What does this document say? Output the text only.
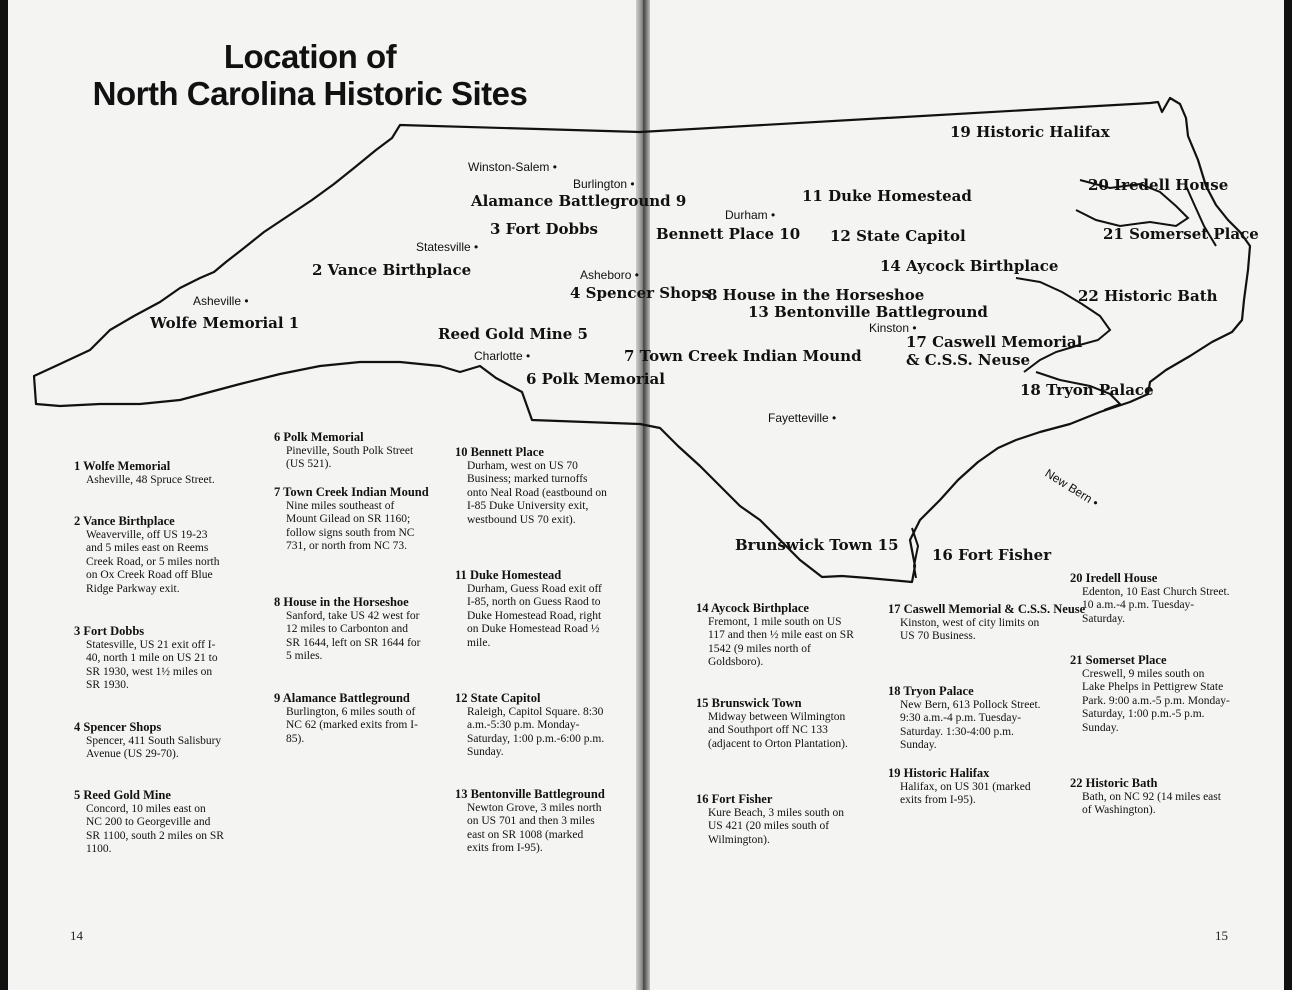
Location of
North Carolina Historic Sites
Wolfe Memorial 1
2 Vance Birthplace
3 Fort Dobbs
4 Spencer Shops
Reed Gold Mine 5
6 Polk Memorial
7 Town Creek Indian Mound
8 House in the Horseshoe
Alamance Battleground 9
Bennett Place 10
11 Duke Homestead
12 State Capitol
13 Bentonville Battleground
14 Aycock Birthplace
Brunswick Town 15
16 Fort Fisher
17 Caswell Memorial & C.S.S. Neuse
18 Tryon Palace
19 Historic Halifax
20 Iredell House
21 Somerset Place
22 Historic Bath
Winston-Salem •
Burlington •
Statesville •
Asheboro •
Asheville •
Charlotte •
Durham •
Kinston •
Fayetteville •
New Bern •
1 Wolfe Memorial
Asheville, 48 Spruce Street.
2 Vance Birthplace
Weaverville, off US 19-23 and 5 miles east on Reems Creek Road, or 5 miles north on Ox Creek Road off Blue Ridge Parkway exit.
3 Fort Dobbs
Statesville, US 21 exit off I-40, north 1 mile on US 21 to SR 1930, west 1½ miles on SR 1930.
4 Spencer Shops
Spencer, 411 South Salisbury Avenue (US 29-70).
5 Reed Gold Mine
Concord, 10 miles east on NC 200 to Georgeville and SR 1100, south 2 miles on SR 1100.
6 Polk Memorial
Pineville, South Polk Street (US 521).
7 Town Creek Indian Mound
Nine miles southeast of Mount Gilead on SR 1160; follow signs south from NC 731, or north from NC 73.
8 House in the Horseshoe
Sanford, take US 42 west for 12 miles to Carbonton and SR 1644, left on SR 1644 for 5 miles.
9 Alamance Battleground
Burlington, 6 miles south of NC 62 (marked exits from I-85).
10 Bennett Place
Durham, west on US 70 Business; marked turnoffs onto Neal Road (eastbound on I-85 Duke University exit, westbound US 70 exit).
11 Duke Homestead
Durham, Guess Road exit off I-85, north on Guess Raod to Duke Homestead Road, right on Duke Homestead Road ½ mile.
12 State Capitol
Raleigh, Capitol Square. 8:30 a.m.-5:30 p.m. Monday-Saturday, 1:00 p.m.-6:00 p.m. Sunday.
13 Bentonville Battleground
Newton Grove, 3 miles north on US 701 and then 3 miles east on SR 1008 (marked exits from I-95).
14 Aycock Birthplace
Fremont, 1 mile south on US 117 and then ½ mile east on SR 1542 (9 miles north of Goldsboro).
15 Brunswick Town
Midway between Wilmington and Southport off NC 133 (adjacent to Orton Plantation).
16 Fort Fisher
Kure Beach, 3 miles south on US 421 (20 miles south of Wilmington).
17 Caswell Memorial & C.S.S. Neuse
Kinston, west of city limits on US 70 Business.
18 Tryon Palace
New Bern, 613 Pollock Street. 9:30 a.m.-4 p.m. Tuesday-Saturday. 1:30-4:00 p.m. Sunday.
19 Historic Halifax
Halifax, on US 301 (marked exits from I-95).
20 Iredell House
Edenton, 10 East Church Street. 10 a.m.-4 p.m. Tuesday-Saturday.
21 Somerset Place
Creswell, 9 miles south on Lake Phelps in Pettigrew State Park. 9:00 a.m.-5 p.m. Monday-Saturday, 1:00 p.m.-5 p.m. Sunday.
22 Historic Bath
Bath, on NC 92 (14 miles east of Washington).
14	15
